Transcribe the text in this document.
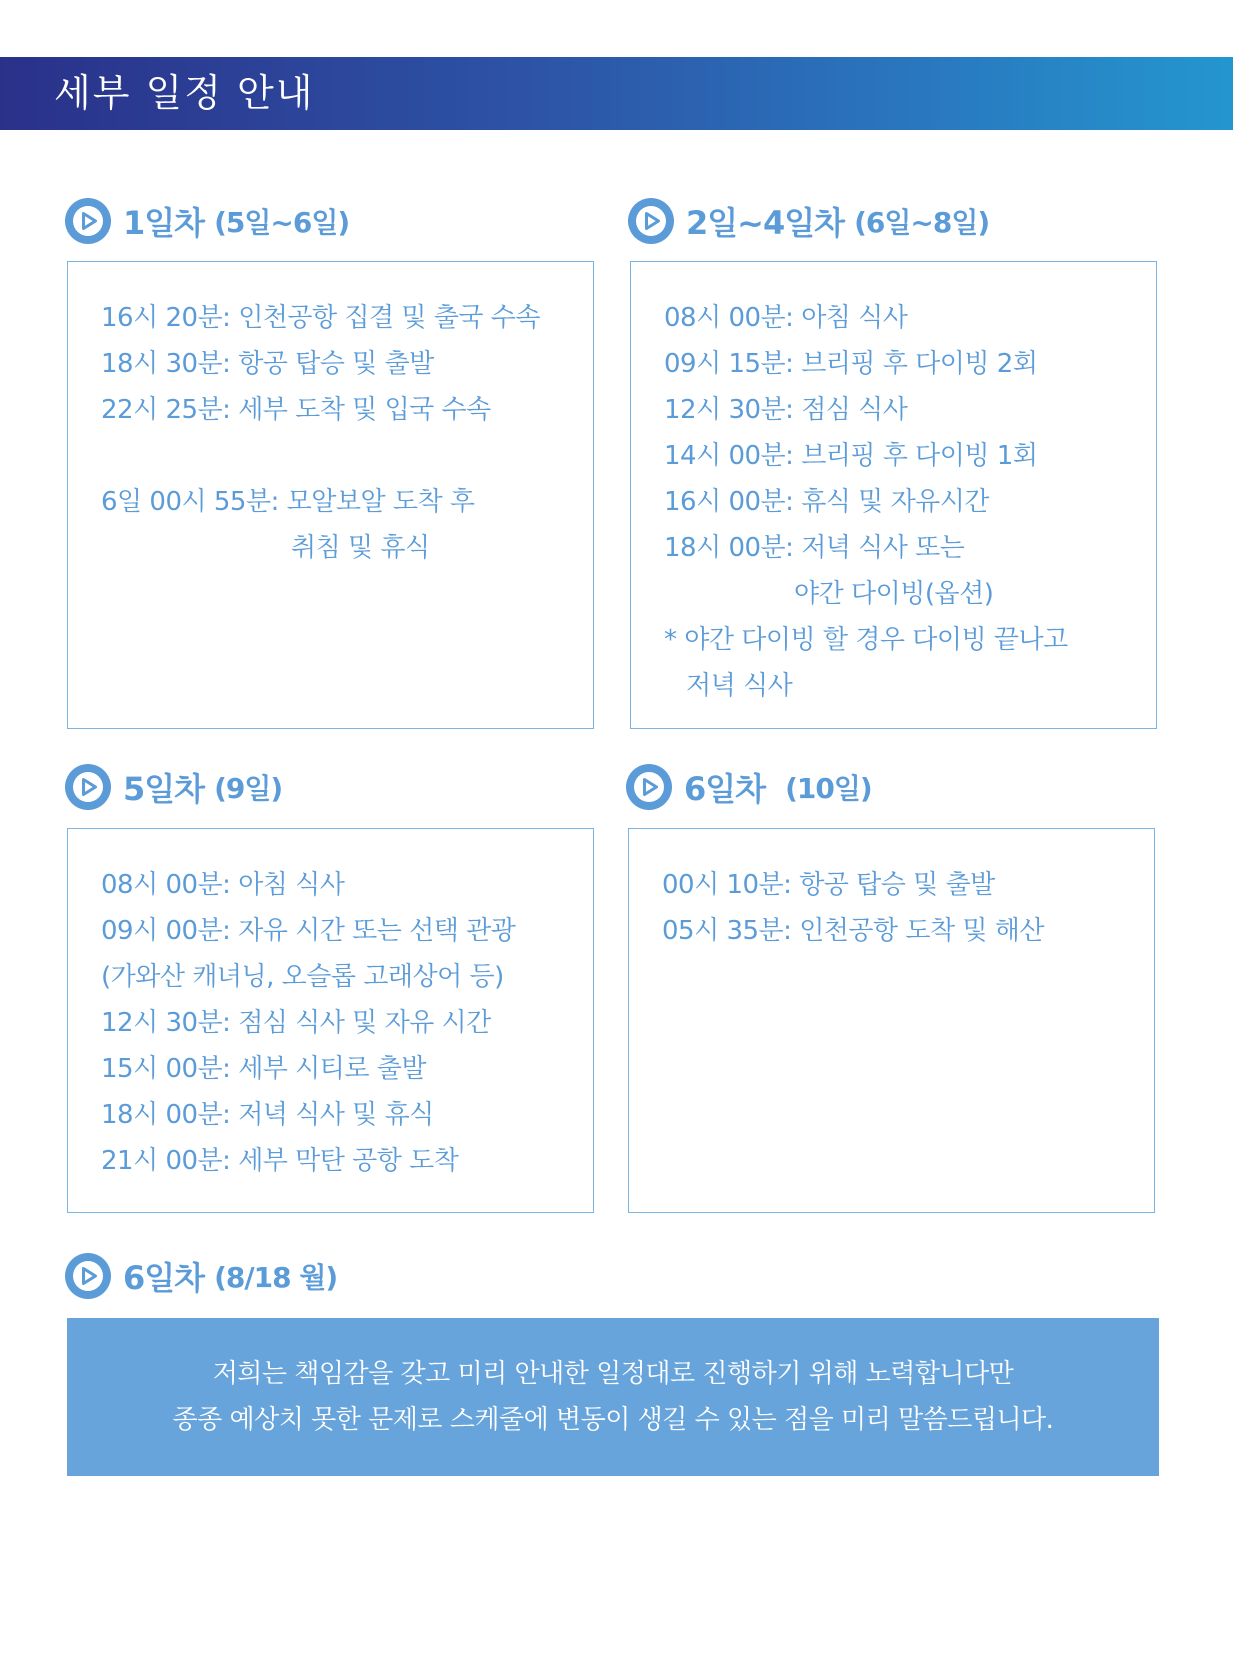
세부 일정 안내
1일차 (5일~6일)
16시 20분: 인천공항 집결 및 출국 수속
18시 30분: 항공 탑승 및 출발
22시 25분: 세부 도착 및 입국 수속
6일 00시 55분: 모알보알 도착 후
취침 및 휴식
2일~4일차 (6일~8일)
08시 00분: 아침 식사
09시 15분: 브리핑 후 다이빙 2회
12시 30분: 점심 식사
14시 00분: 브리핑 후 다이빙 1회
16시 00분: 휴식 및 자유시간
18시 00분: 저녁 식사 또는
야간 다이빙(옵션)
* 야간 다이빙 할 경우 다이빙 끝나고
저녁 식사
5일차 (9일)
08시 00분: 아침 식사
09시 00분: 자유 시간 또는 선택 관광
(가와산 캐녀닝, 오슬롭 고래상어 등)
12시 30분: 점심 식사 및 자유 시간
15시 00분: 세부 시티로 출발
18시 00분: 저녁 식사 및 휴식
21시 00분: 세부 막탄 공항 도착
6일차 (10일)
00시 10분: 항공 탑승 및 출발
05시 35분: 인천공항 도착 및 해산
6일차 (8/18 월)

저희는 책임감을 갖고 미리 안내한 일정대로 진행하기 위해 노력합니다만

종종 예상치 못한 문제로 스케줄에 변동이 생길 수 있는 점을 미리 말씀드립니다.
